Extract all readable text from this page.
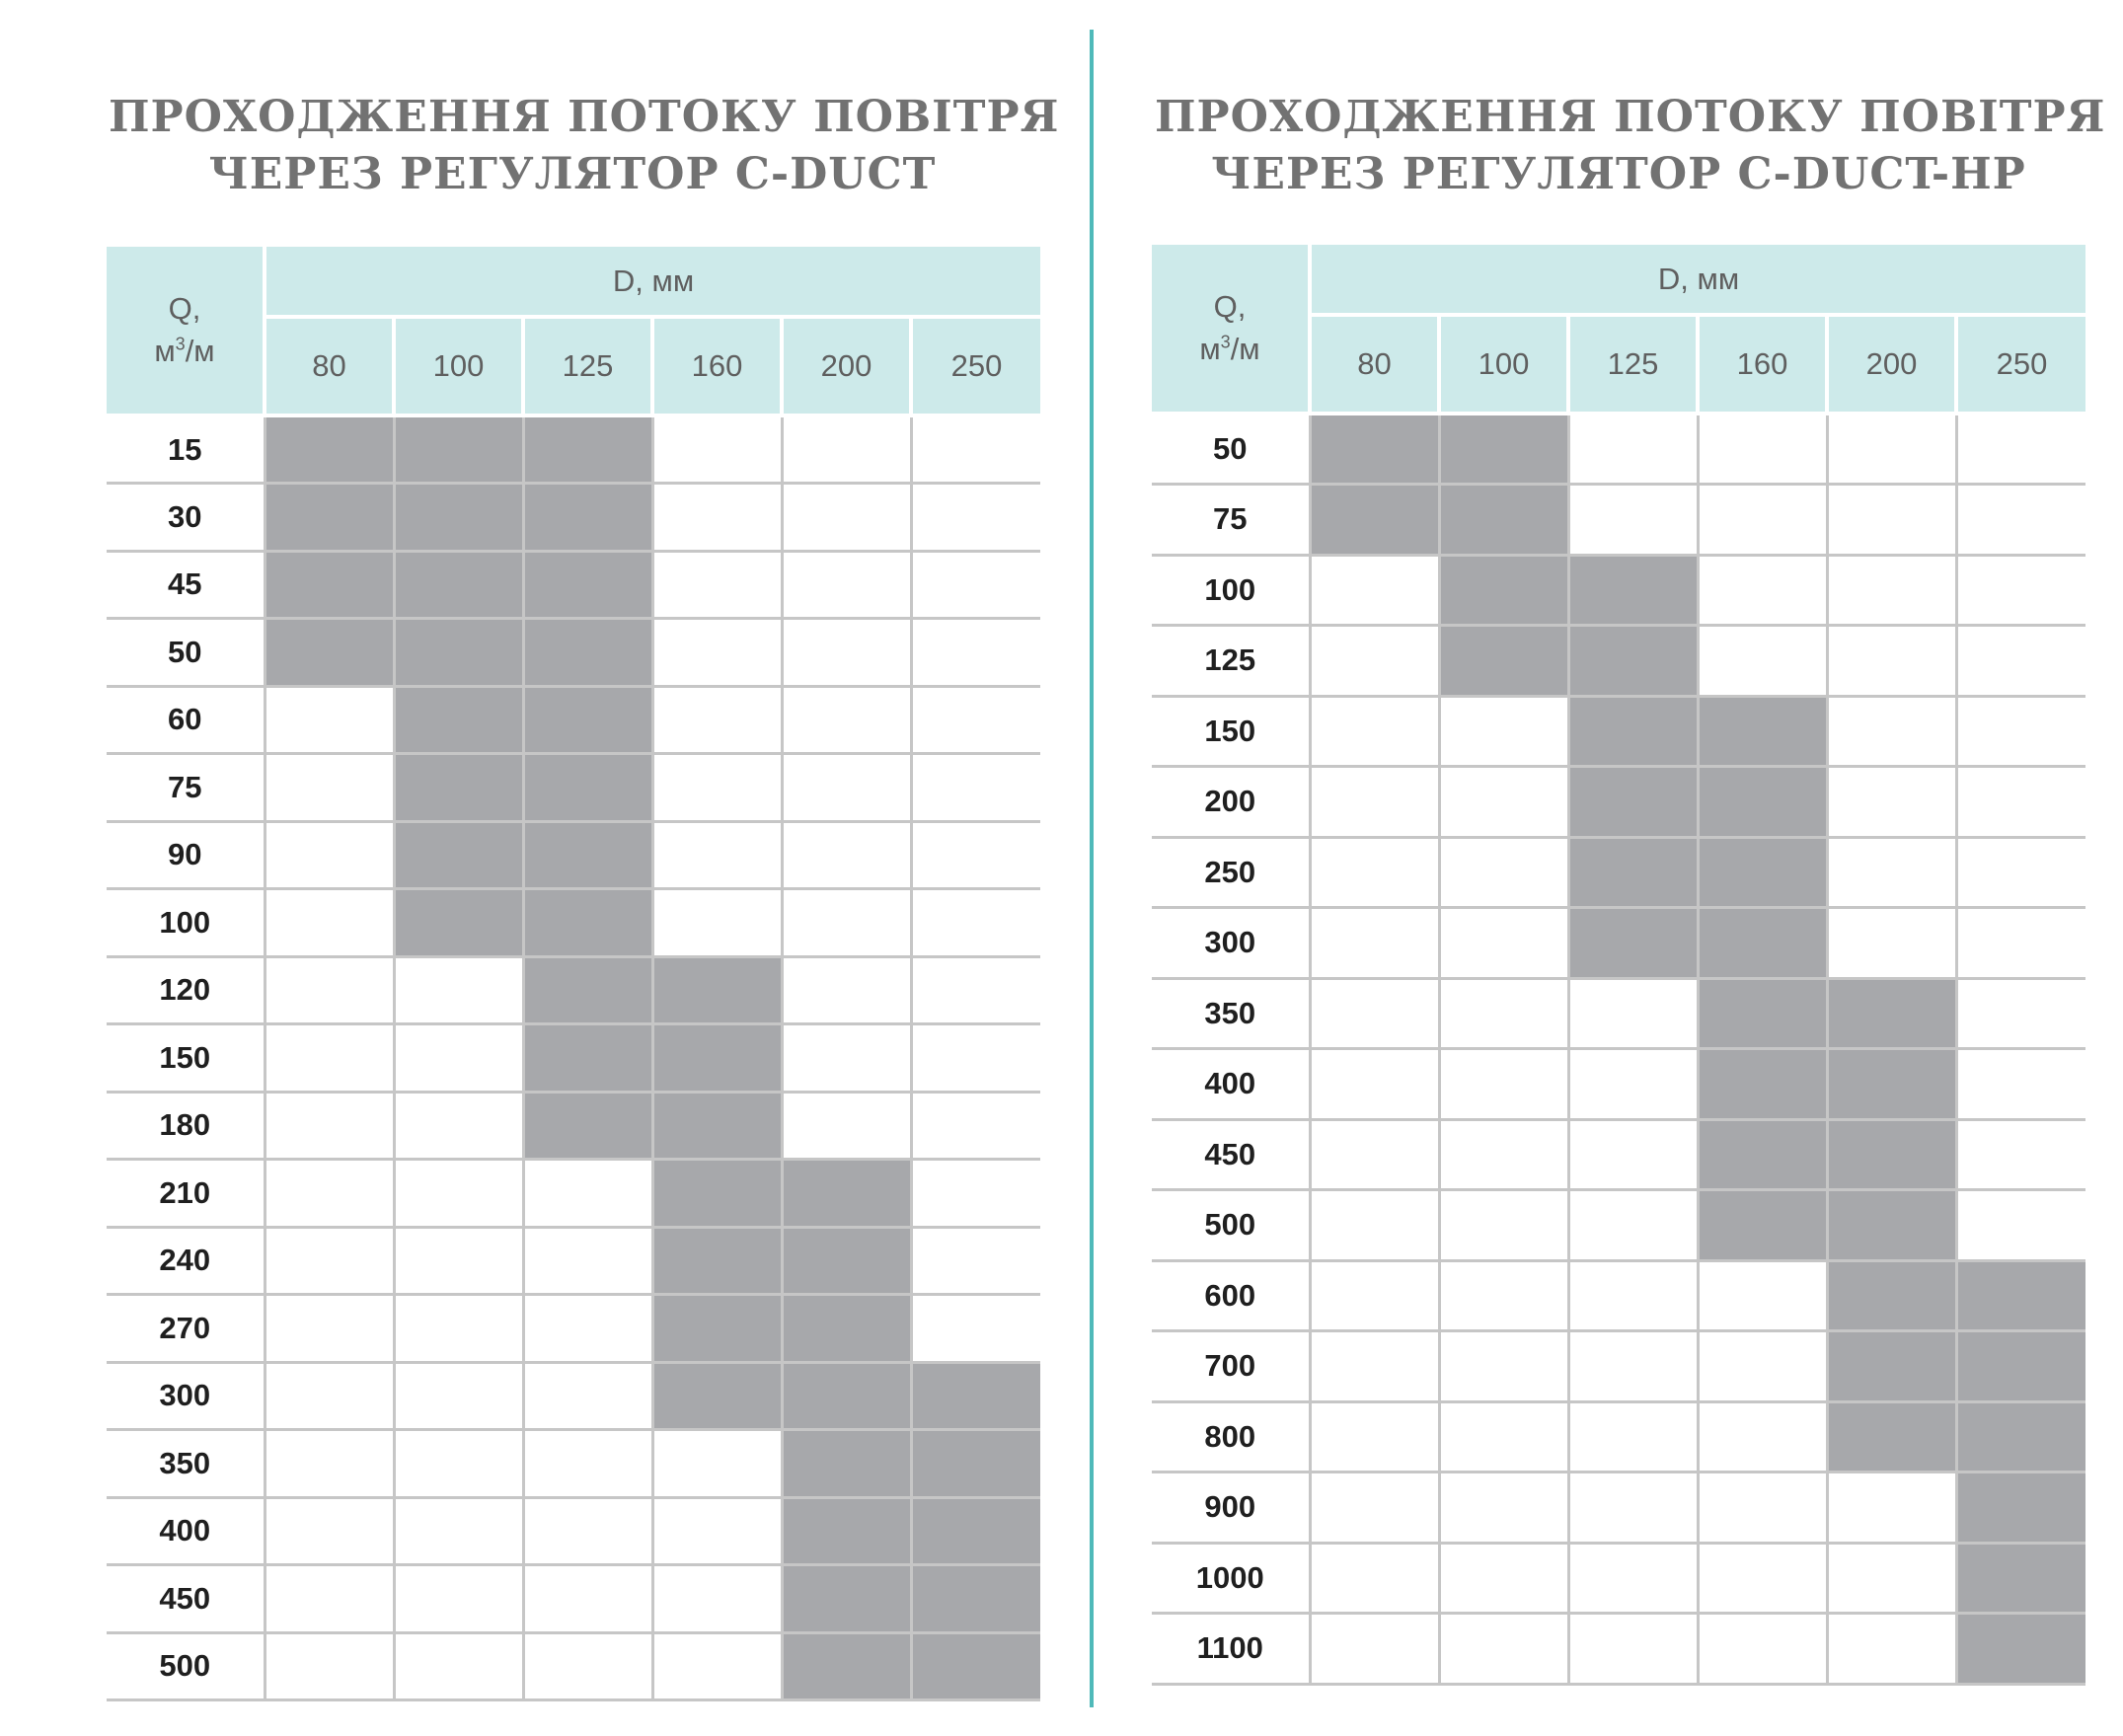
ПРОХОДЖЕННЯ ПОТОКУ ПОВІТРЯ
ЧЕРЕЗ РЕГУЛЯТОР C-DUCT
Q,
$м^3/м$	D, мм					
	80	100	125	160	200	250
15						
30						
45						
50						
60						
75						
90						
100						
120						
150						
180						
210						
240						
270						
300						
350						
400						
450						
500						
ПРОХОДЖЕННЯ ПОТОКУ ПОВІТРЯ
ЧЕРЕЗ РЕГУЛЯТОР C-DUCT-HP
Q,
$м^3/м$	D, мм					
	80	100	125	160	200	250
50						
75						
100						
125						
150						
200						
250						
300						
350						
400						
450						
500						
600						
700						
800						
900						
1000						
1100						
